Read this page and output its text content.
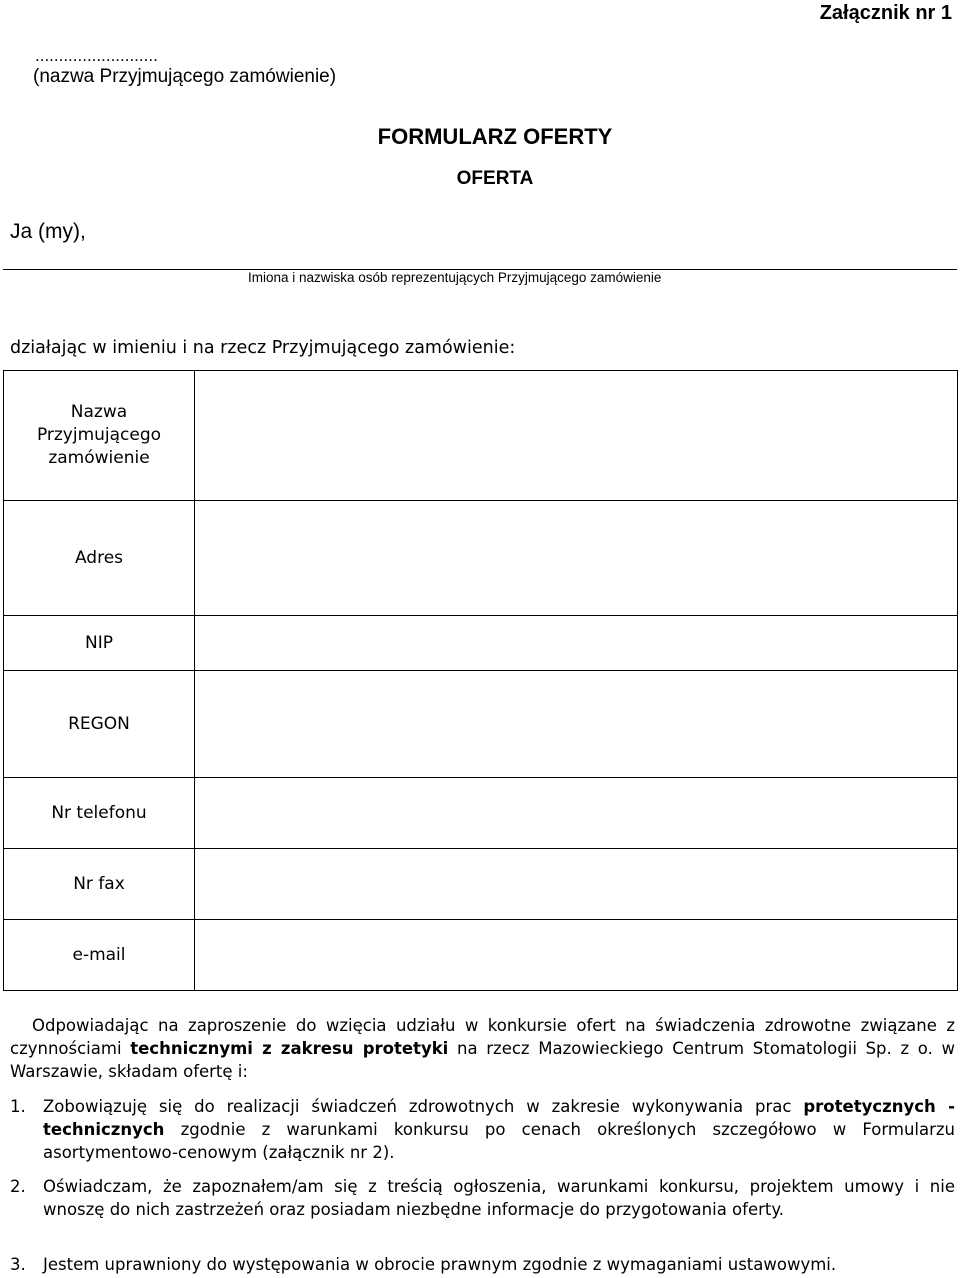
Załącznik nr 1
..........................
(nazwa Przyjmującego zamówienie)
FORMULARZ OFERTY
OFERTA
Ja (my),
Imiona i nazwiska osób reprezentujących Przyjmującego zamówienie
działając w imieniu i na rzecz Przyjmującego zamówienie:
Nazwa
Przyjmującego
zamówienie	

Adres	

NIP	

REGON	

Nr telefonu	

Nr fax	

e-mail	

Odpowiadając na zaproszenie do wzięcia udziału w konkursie ofert na świadczenia zdrowotne związane z czynnościami technicznymi z zakresu protetyki na rzecz Mazowieckiego Centrum Stomatologii Sp. z o. w Warszawie, składam ofertę i:
1. Zobowiązuję się do realizacji świadczeń zdrowotnych w zakresie wykonywania prac protetycznych - technicznych zgodnie z warunkami konkursu po cenach określonych szczegółowo w Formularzu asortymentowo-cenowym (załącznik nr 2).
2. Oświadczam, że zapoznałem/am się z treścią ogłoszenia, warunkami konkursu, projektem umowy i nie wnoszę do nich zastrzeżeń oraz posiadam niezbędne informacje do przygotowania oferty.
3. Jestem uprawniony do występowania w obrocie prawnym zgodnie z wymaganiami ustawowymi.
